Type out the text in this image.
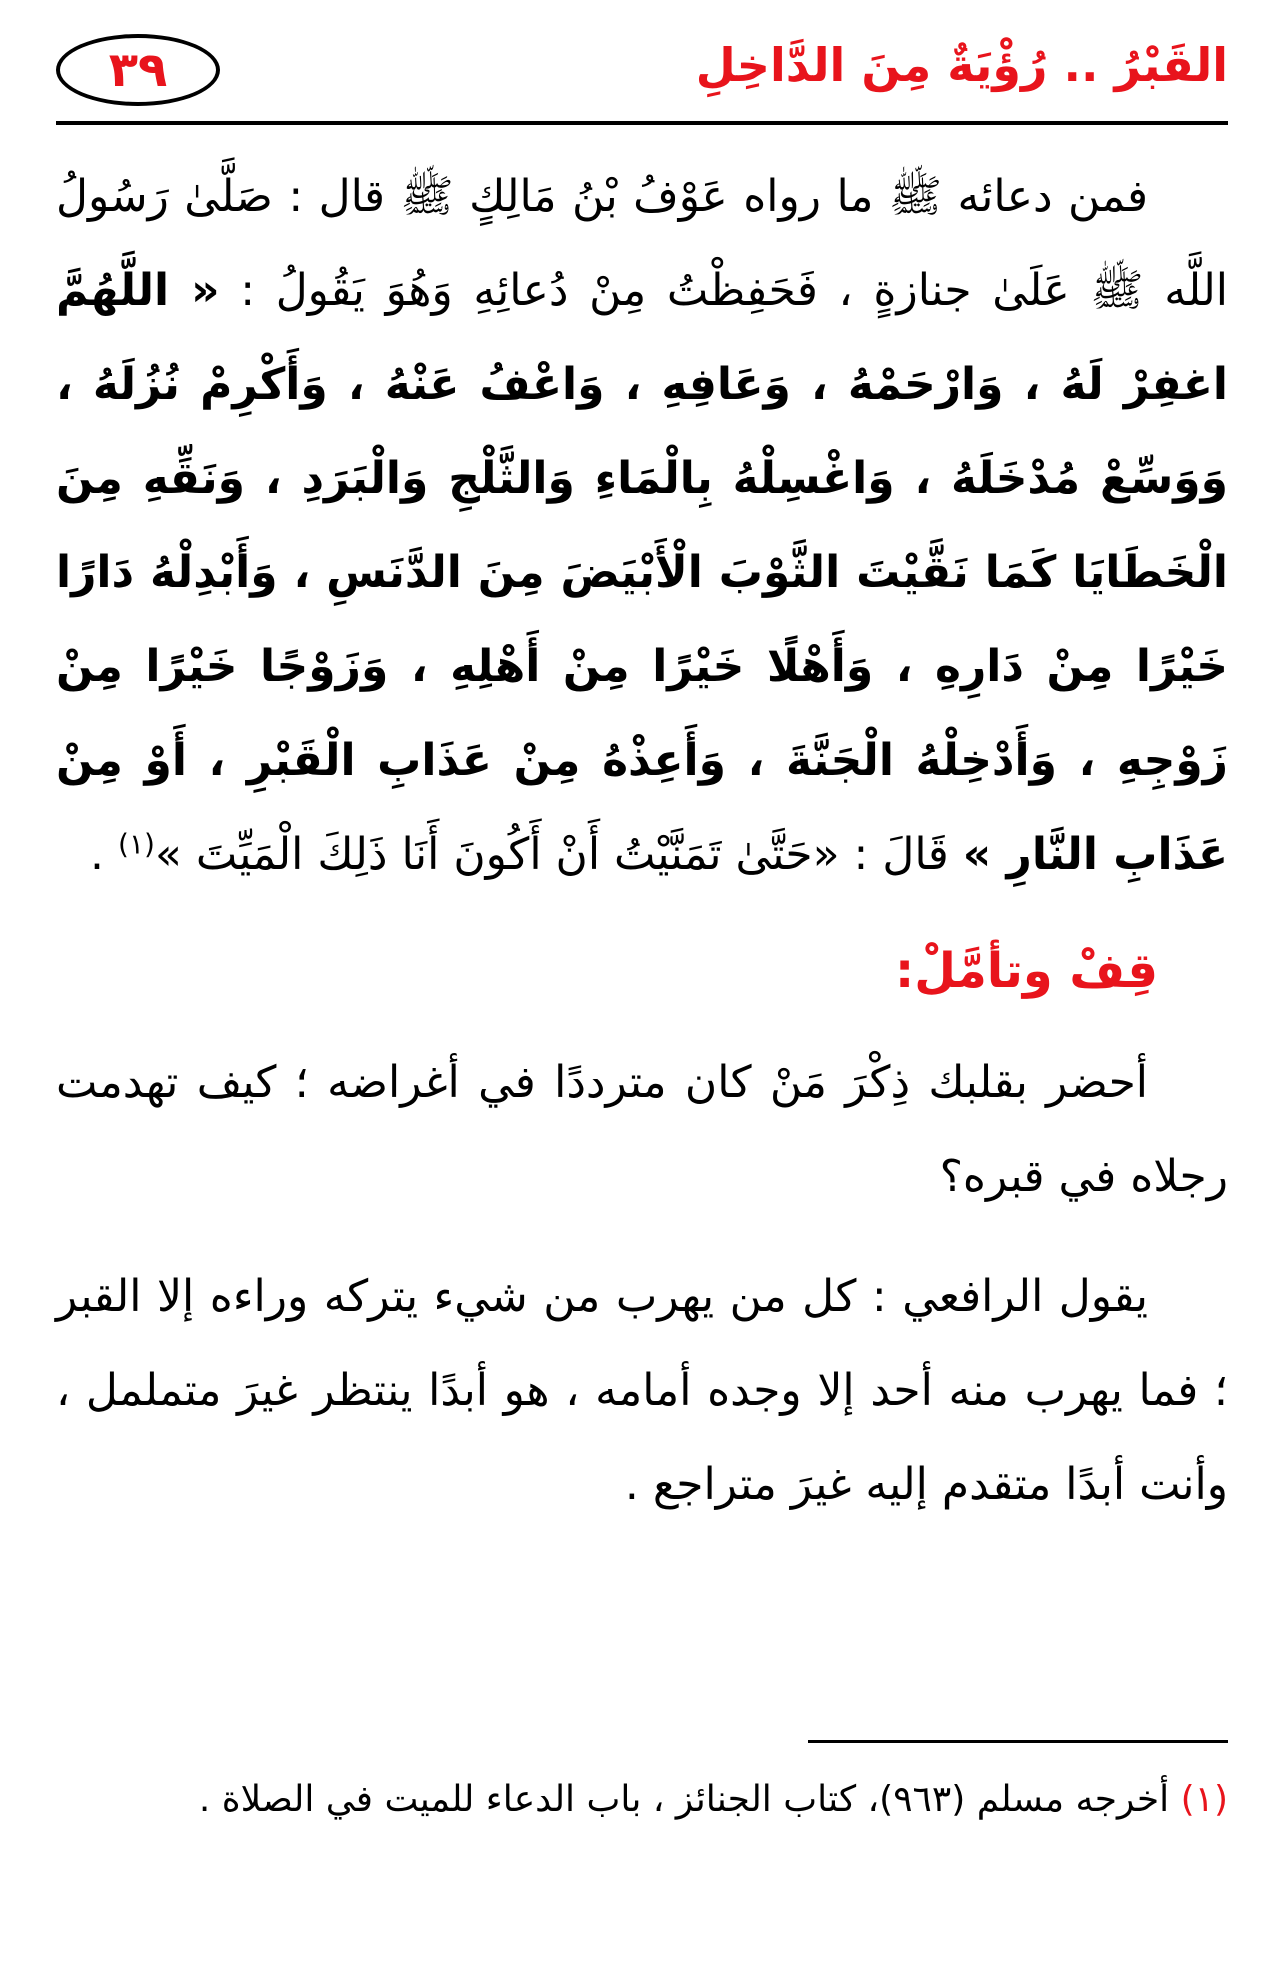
القَبْرُ .. رُؤْيَةٌ مِنَ الدَّاخِلِ
٣٩

فمن دعائه ﷺ ما رواه عَوْفُ بْنُ مَالِكٍ ﷺ قال : صَلَّىٰ رَسُولُ اللَّه ﷺ عَلَىٰ جنازةٍ ، فَحَفِظْتُ مِنْ دُعائِهِ وَهُوَ يَقُولُ : « اللَّهُمَّ اغفِرْ لَهُ ، وَارْحَمْهُ ، وَعَافِهِ ، وَاعْفُ عَنْهُ ، وَأَكْرِمْ نُزُلَهُ ، وَوَسِّعْ مُدْخَلَهُ ، وَاغْسِلْهُ بِالْمَاءِ وَالثَّلْجِ وَالْبَرَدِ ، وَنَقِّهِ مِنَ الْخَطَايَا كَمَا نَقَّيْتَ الثَّوْبَ الْأَبْيَضَ مِنَ الدَّنَسِ ، وَأَبْدِلْهُ دَارًا خَيْرًا مِنْ دَارِهِ ، وَأَهْلًا خَيْرًا مِنْ أَهْلِهِ ، وَزَوْجًا خَيْرًا مِنْ زَوْجِهِ ، وَأَدْخِلْهُ الْجَنَّةَ ، وَأَعِذْهُ مِنْ عَذَابِ الْقَبْرِ ، أَوْ مِنْ عَذَابِ النَّارِ » قَالَ : «حَتَّىٰ تَمَنَّيْتُ أَنْ أَكُونَ أَنَا ذَلِكَ الْمَيِّتَ »$^{(١)}$ .

قِفْ وتأمَّلْ:

أحضر بقلبك ذِكْرَ مَنْ كان مترددًا في أغراضه ؛ كيف تهدمت رجلاه في قبره؟

يقول الرافعي : كل من يهرب من شيء يتركه وراءه إلا القبر ؛ فما يهرب منه أحد إلا وجده أمامه ، هو أبدًا ينتظر غيرَ متململ ، وأنت أبدًا متقدم إليه غيرَ متراجع .

(١) أخرجه مسلم (٩٦٣)، كتاب الجنائز ، باب الدعاء للميت في الصلاة .
